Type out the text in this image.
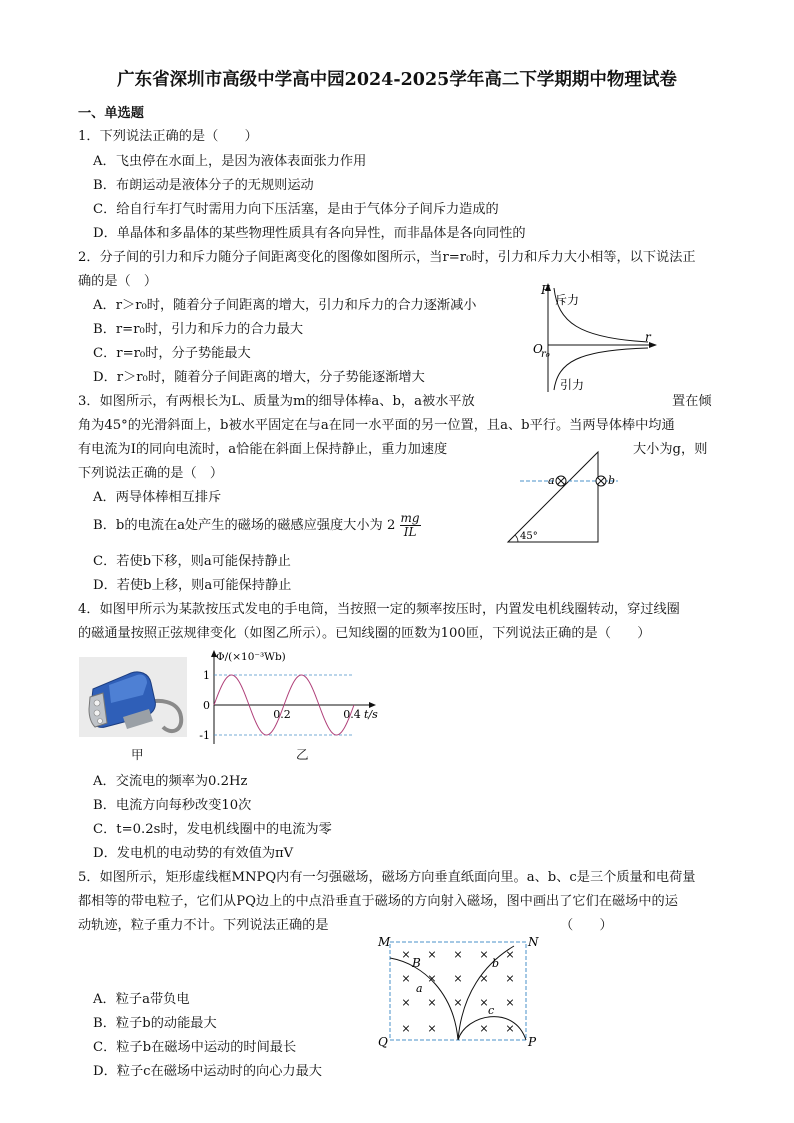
广东省深圳市高级中学高中园2024-2025学年高二下学期期中物理试卷
一、单选题
1．下列说法正确的是（　　）
A．飞虫停在水面上，是因为液体表面张力作用
B．布朗运动是液体分子的无规则运动
C．给自行车打气时需用力向下压活塞，是由于气体分子间斥力造成的
D．单晶体和多晶体的某些物理性质具有各向异性，而非晶体是各向同性的
2．分子间的引力和斥力随分子间距离变化的图像如图所示，当r=r₀时，引力和斥力大小相等，以下说法正
确的是（　）
A．r＞r₀时，随着分子间距离的增大，引力和斥力的合力逐渐减小
B．r=r₀时，引力和斥力的合力最大
C．r=r₀时，分子势能最大
D．r＞r₀时，随着分子间距离的增大，分子势能逐渐增大
F
斥力
引力
O
r₀
r
3．如图所示，有两根长为L、质量为m的细导体棒a、b，a被水平放	置在倾
角为45°的光滑斜面上，b被水平固定在与a在同一水平面的另一位置，且a、b平行。当两导体棒中均通
有电流为I的同向电流时，a恰能在斜面上保持静止，重力加速度	大小为g，则
下列说法正确的是（　）
A．两导体棒相互排斥
B．b的电流在a处产生的磁场的磁感应强度大小为 $2 \frac{mg}{IL}$
C．若使b下移，则a可能保持静止
D．若使b上移，则a可能保持静止
a	b
45°
4．如图甲所示为某款按压式发电的手电筒，当按照一定的频率按压时，内置发电机线圈转动，穿过线圈
的磁通量按照正弦规律变化（如图乙所示）。已知线圈的匝数为100匝，下列说法正确的是（　　）
甲
1
0
-1
0.2	0.4
Φ/(×10⁻³Wb)
t/s
乙
A．交流电的频率为0.2Hz
B．电流方向每秒改变10次
C．t=0.2s时，发电机线圈中的电流为零
D．发电机的电动势的有效值为πV
5．如图所示，矩形虚线框MNPQ内有一匀强磁场，磁场方向垂直纸面向里。a、b、c是三个质量和电荷量
都相等的带电粒子，它们从PQ边上的中点沿垂直于磁场的方向射入磁场，图中画出了它们在磁场中的运
动轨迹，粒子重力不计。下列说法正确的是	（　　）
A．粒子a带负电
B．粒子b的动能最大
C．粒子b在磁场中运动的时间最长
D．粒子c在磁场中运动时的向心力最大
× × × × ×
× × × × ×
× × × × ×
× ×	× ×
M	N
P
Q
B
a
b
c
